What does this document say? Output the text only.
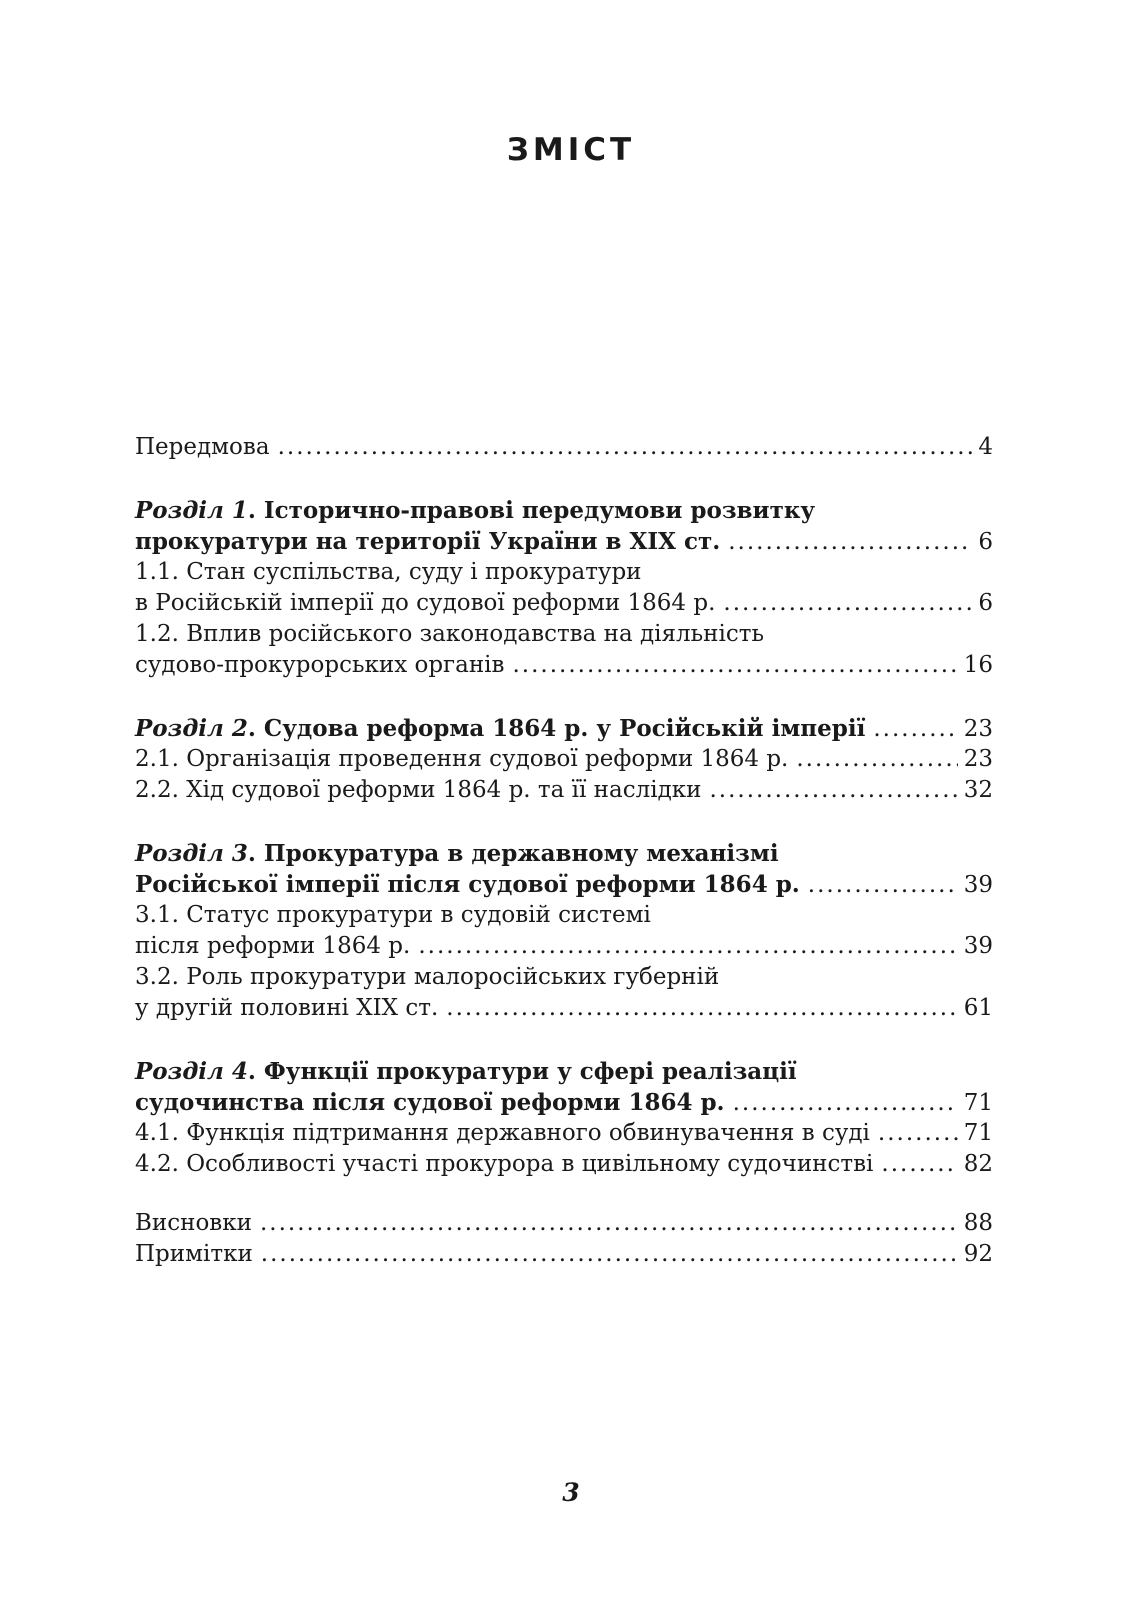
ЗМІСТ
Передмова .....	4
Розділ 1. Історично-правові передумови розвитку
прокуратури на території України в ХІХ ст. .....	6
1.1. Стан суспільства, суду і прокуратури
в Російській імперії до судової реформи 1864 р. .....	6
1.2. Вплив російського законодавства на діяльність
судово-прокурорських органів .....	16
Розділ 2. Судова реформа 1864 р. у Російській імперії .....	23
2.1. Організація проведення судової реформи 1864 р. .....	23
2.2. Хід судової реформи 1864 р. та її наслідки .....	32
Розділ 3. Прокуратура в державному механізмі
Російської імперії після судової реформи 1864 р. .....	39
3.1. Статус прокуратури в судовій системі
після реформи 1864 р. .....	39
3.2. Роль прокуратури малоросійських губерній
у другій половині ХІХ ст. .....	61
Розділ 4. Функції прокуратури у сфері реалізації
судочинства після судової реформи 1864 р. .....	71
4.1. Функція підтримання державного обвинувачення в суді .....	71
4.2. Особливості участі прокурора в цивільному судочинстві .....	82
Висновки .....	88
Примітки .....	92
3
